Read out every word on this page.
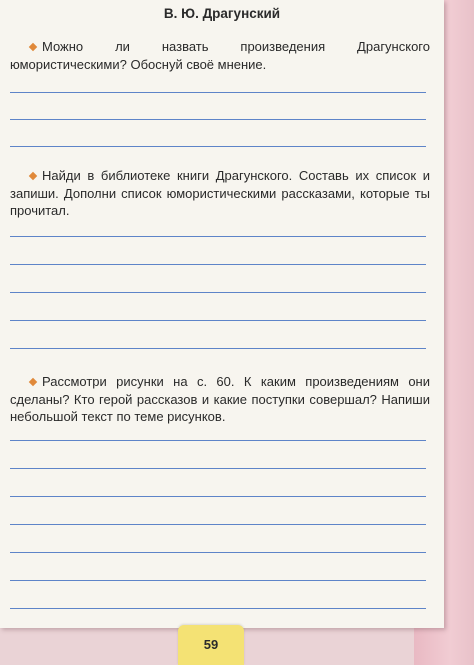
В. Ю. Драгунский
Можно ли назвать произведения Драгунского юмористическими? Обоснуй своё мнение.
Найди в библиотеке книги Драгунского. Составь их список и запиши. Дополни список юмористическими рассказами, которые ты прочитал.
Рассмотри рисунки на с. 60. К каким произведениям они сделаны? Кто герой рассказов и какие поступки совершал? Напиши небольшой текст по теме рисунков.
59
